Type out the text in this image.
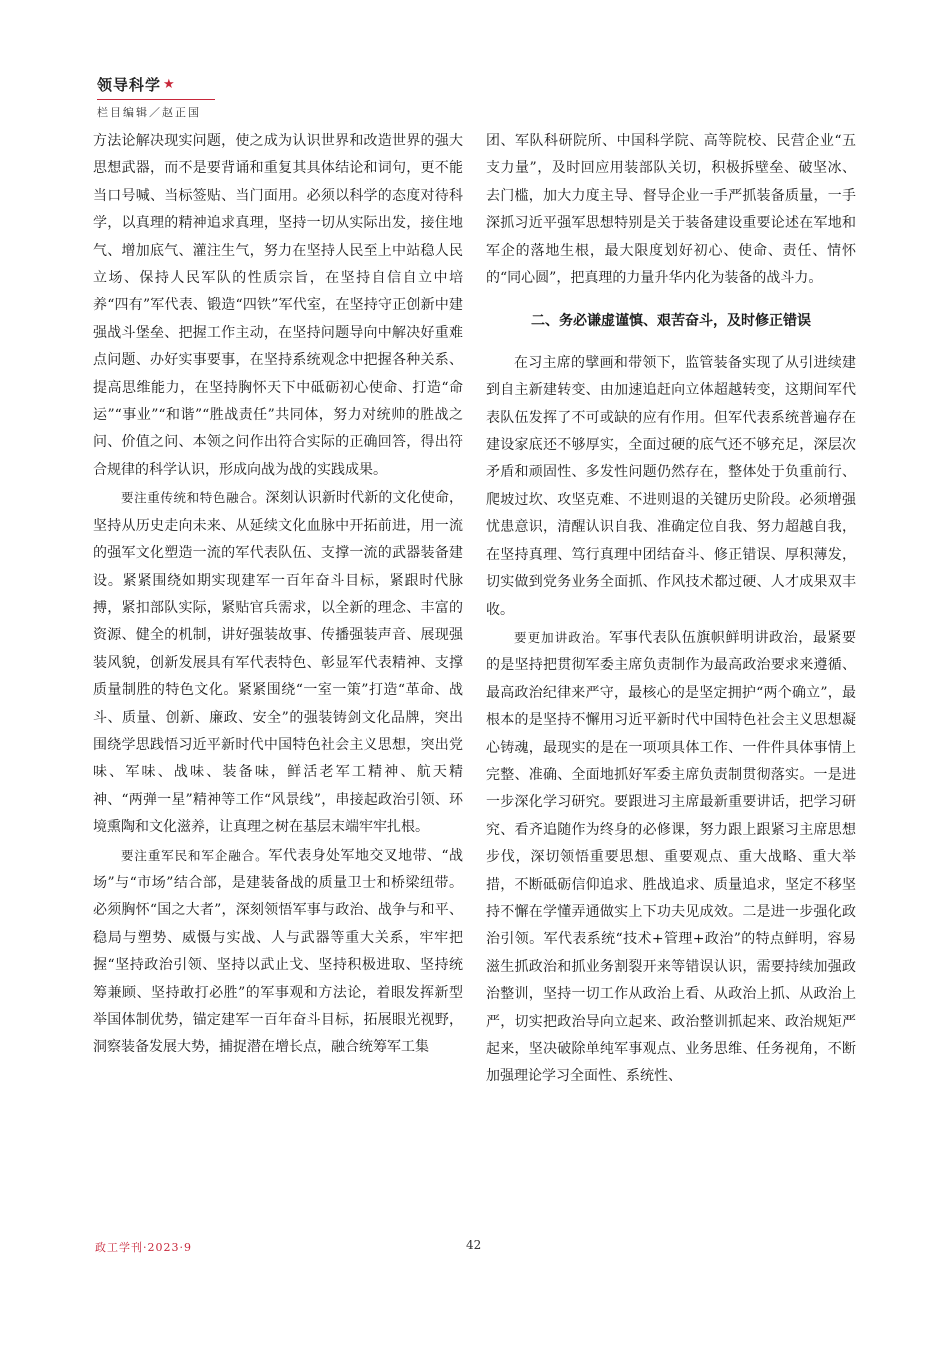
领导科学 ★
栏目编辑／赵正国

方法论解决现实问题，使之成为认识世界和改造世界的强大思想武器，而不是要背诵和重复其具体结论和词句，更不能当口号喊、当标签贴、当门面用。必须以科学的态度对待科学，以真理的精神追求真理，坚持一切从实际出发，接住地气、增加底气、灌注生气，努力在坚持人民至上中站稳人民立场、保持人民军队的性质宗旨，在坚持自信自立中培养“四有”军代表、锻造“四铁”军代室，在坚持守正创新中建强战斗堡垒、把握工作主动，在坚持问题导向中解决好重难点问题、办好实事要事，在坚持系统观念中把握各种关系、提高思维能力，在坚持胸怀天下中砥砺初心使命、打造“命运”“事业”“和谐”“胜战责任”共同体，努力对统帅的胜战之问、价值之问、本领之问作出符合实际的正确回答，得出符合规律的科学认识，形成向战为战的实践成果。

要注重传统和特色融合。深刻认识新时代新的文化使命，坚持从历史走向未来、从延续文化血脉中开拓前进，用一流的强军文化塑造一流的军代表队伍、支撑一流的武器装备建设。紧紧围绕如期实现建军一百年奋斗目标，紧跟时代脉搏，紧扣部队实际，紧贴官兵需求，以全新的理念、丰富的资源、健全的机制，讲好强装故事、传播强装声音、展现强装风貌，创新发展具有军代表特色、彰显军代表精神、支撑质量制胜的特色文化。紧紧围绕“一室一策”打造“革命、战斗、质量、创新、廉政、安全”的强装铸剑文化品牌，突出围绕学思践悟习近平新时代中国特色社会主义思想，突出党味、军味、战味、装备味，鲜活老军工精神、航天精神、“两弹一星”精神等工作“风景线”，串接起政治引领、环境熏陶和文化滋养，让真理之树在基层末端牢牢扎根。

要注重军民和军企融合。军代表身处军地交叉地带、“战场”与“市场”结合部，是建装备战的质量卫士和桥梁纽带。必须胸怀“国之大者”，深刻领悟军事与政治、战争与和平、稳局与塑势、威慑与实战、人与武器等重大关系，牢牢把握“坚持政治引领、坚持以武止戈、坚持积极进取、坚持统筹兼顾、坚持敢打必胜”的军事观和方法论，着眼发挥新型举国体制优势，锚定建军一百年奋斗目标，拓展眼光视野，洞察装备发展大势，捕捉潜在增长点，融合统筹军工集

团、军队科研院所、中国科学院、高等院校、民营企业“五支力量”，及时回应用装部队关切，积极拆壁垒、破坚冰、去门槛，加大力度主导、督导企业一手严抓装备质量，一手深抓习近平强军思想特别是关于装备建设重要论述在军地和军企的落地生根，最大限度划好初心、使命、责任、情怀的“同心圆”，把真理的力量升华内化为装备的战斗力。

二、务必谦虚谨慎、艰苦奋斗，及时修正错误

在习主席的擘画和带领下，监管装备实现了从引进续建到自主新建转变、由加速追赶向立体超越转变，这期间军代表队伍发挥了不可或缺的应有作用。但军代表系统普遍存在建设家底还不够厚实，全面过硬的底气还不够充足，深层次矛盾和顽固性、多发性问题仍然存在，整体处于负重前行、爬坡过坎、攻坚克难、不进则退的关键历史阶段。必须增强忧患意识，清醒认识自我、准确定位自我、努力超越自我，在坚持真理、笃行真理中团结奋斗、修正错误、厚积薄发，切实做到党务业务全面抓、作风技术都过硬、人才成果双丰收。

要更加讲政治。军事代表队伍旗帜鲜明讲政治，最紧要的是坚持把贯彻军委主席负责制作为最高政治要求来遵循、最高政治纪律来严守，最核心的是坚定拥护“两个确立”，最根本的是坚持不懈用习近平新时代中国特色社会主义思想凝心铸魂，最现实的是在一项项具体工作、一件件具体事情上完整、准确、全面地抓好军委主席负责制贯彻落实。一是进一步深化学习研究。要跟进习主席最新重要讲话，把学习研究、看齐追随作为终身的必修课，努力跟上跟紧习主席思想步伐，深切领悟重要思想、重要观点、重大战略、重大举措，不断砥砺信仰追求、胜战追求、质量追求，坚定不移坚持不懈在学懂弄通做实上下功夫见成效。二是进一步强化政治引领。军代表系统“技术+管理+政治”的特点鲜明，容易滋生抓政治和抓业务割裂开来等错误认识，需要持续加强政治整训，坚持一切工作从政治上看、从政治上抓、从政治上严，切实把政治导向立起来、政治整训抓起来、政治规矩严起来，坚决破除单纯军事观点、业务思维、任务视角，不断加强理论学习全面性、系统性、

政工学刊·2023·9	42
